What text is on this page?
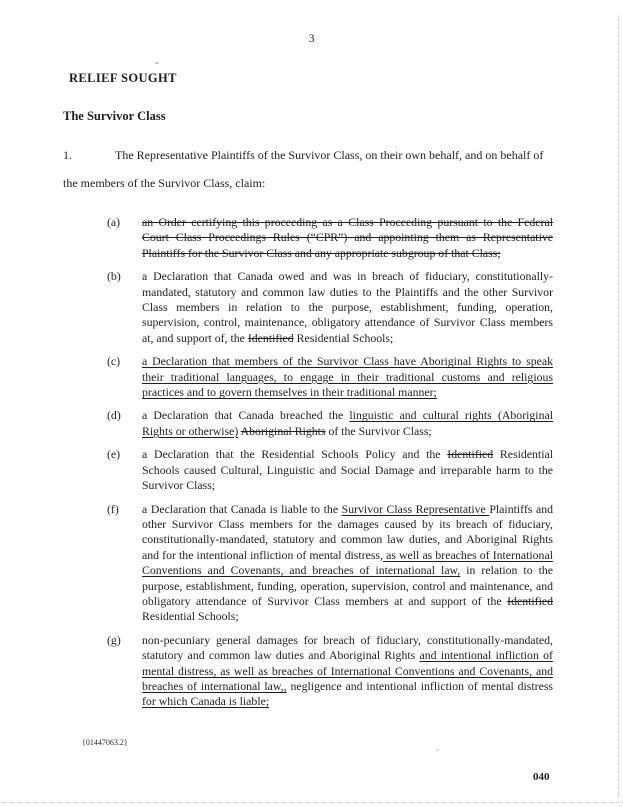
3
RELIEF SOUGHT
The Survivor Class
1.	The Representative Plaintiffs of the Survivor Class, on their own behalf, and on behalf of the members of the Survivor Class, claim:
(a)	an Order certifying this proceeding as a Class Proceeding pursuant to the Federal Court Class Proceedings Rules (“CPR”) and appointing them as Representative Plaintiffs for the Survivor Class and any appropriate subgroup of that Class;
(b)	a Declaration that Canada owed and was in breach of fiduciary, constitutionally-mandated, statutory and common law duties to the Plaintiffs and the other Survivor Class members in relation to the purpose, establishment, funding, operation, supervision, control, maintenance, obligatory attendance of Survivor Class members at, and support of, the Identified Residential Schools;
(c)	a Declaration that members of the Survivor Class have Aboriginal Rights to speak their traditional languages, to engage in their traditional customs and religious practices and to govern themselves in their traditional manner;
(d)	a Declaration that Canada breached the linguistic and cultural rights (Aboriginal Rights or otherwise) Aboriginal Rights of the Survivor Class;
(e)	a Declaration that the Residential Schools Policy and the Identified Residential Schools caused Cultural, Linguistic and Social Damage and irreparable harm to the Survivor Class;
(f)	a Declaration that Canada is liable to the Survivor Class Representative Plaintiffs and other Survivor Class members for the damages caused by its breach of fiduciary, constitutionally-mandated, statutory and common law duties, and Aboriginal Rights and for the intentional infliction of mental distress, as well as breaches of International Conventions and Covenants, and breaches of international law, in relation to the purpose, establishment, funding, operation, supervision, control and maintenance, and obligatory attendance of Survivor Class members at and support of the Identified Residential Schools;
(g)	non-pecuniary general damages for breach of fiduciary, constitutionally-mandated, statutory and common law duties and Aboriginal Rights and intentional infliction of mental distress, as well as breaches of International Conventions and Covenants, and breaches of international law,, negligence and intentional infliction of mental distress for which Canada is liable;
{01447063.2}
040
